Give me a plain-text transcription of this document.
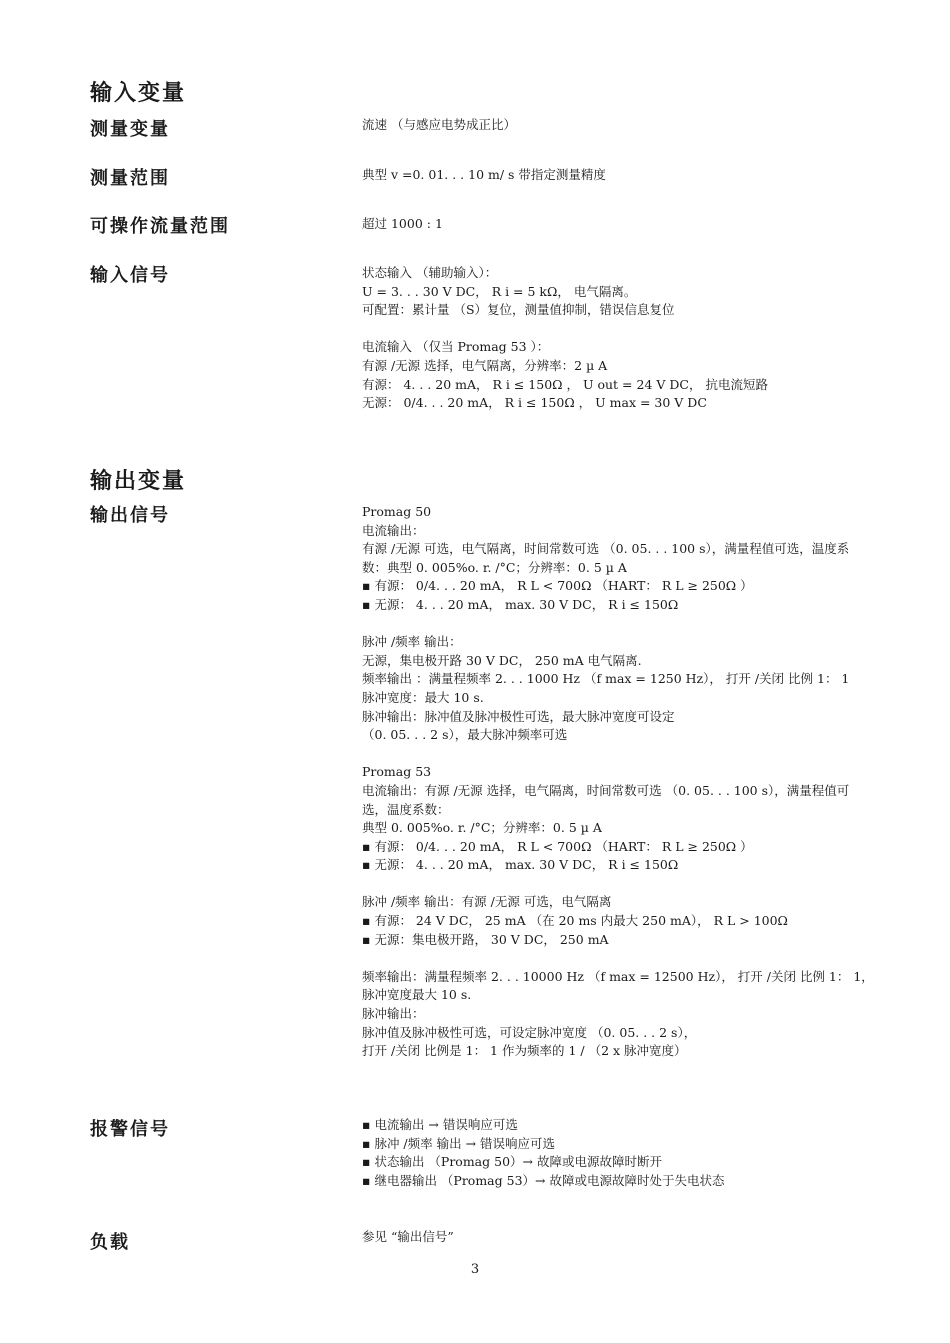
输入变量
输出变量
测量变量
测量范围
可操作流量范围
输入信号
输出信号
报警信号
负载
流速 （与感应电势成正比）
典型 v =0. 01. . . 10 m/ s 带指定测量精度
超过 1000 : 1
状态输入 （辅助输入）：
U = 3. . . 30 V DC， R i = 5 kΩ， 电气隔离。
可配置：累计量 （S）复位，测量值抑制，错误信息复位
电流输入 （仅当 Promag 53 ）：
有源 /无源 选择，电气隔离，分辨率：2 µ A
有源： 4. . . 20 mA， R i ≤ 150Ω ， U out = 24 V DC， 抗电流短路
无源： 0/4. . . 20 mA， R i ≤ 150Ω ， U max = 30 V DC
Promag 50
电流输出：
有源 /无源 可选，电气隔离，时间常数可选 （0. 05. . . 100 s），满量程值可选，温度系
数：典型 0. 005%o. r. /°C；分辨率：0. 5 µ A
▪ 有源： 0/4. . . 20 mA， R L < 700Ω （HART： R L ≥ 250Ω ）
▪ 无源： 4. . . 20 mA， max. 30 V DC， R i ≤ 150Ω
脉冲 /频率 输出：
无源，集电极开路 30 V DC， 250 mA 电气隔离.
频率输出 ：满量程频率 2. . . 1000 Hz （f max = 1250 Hz）， 打开 /关闭 比例 1： 1
脉冲宽度：最大 10 s.
脉冲输出：脉冲值及脉冲极性可选，最大脉冲宽度可设定
（0. 05. . . 2 s），最大脉冲频率可选
Promag 53
电流输出：有源 /无源 选择，电气隔离，时间常数可选 （0. 05. . . 100 s），满量程值可
选，温度系数：
典型 0. 005%o. r. /°C；分辨率：0. 5 µ A
▪ 有源： 0/4. . . 20 mA， R L < 700Ω （HART： R L ≥ 250Ω ）
▪ 无源： 4. . . 20 mA， max. 30 V DC， R i ≤ 150Ω
脉冲 /频率 输出：有源 /无源 可选，电气隔离
▪ 有源： 24 V DC， 25 mA （在 20 ms 内最大 250 mA）， R L > 100Ω
▪ 无源：集电极开路， 30 V DC， 250 mA
频率输出：满量程频率 2. . . 10000 Hz （f max = 12500 Hz）， 打开 /关闭 比例 1： 1，
脉冲宽度最大 10 s.
脉冲输出：
脉冲值及脉冲极性可选，可设定脉冲宽度 （0. 05. . . 2 s），
打开 /关闭 比例是 1： 1 作为频率的 1 / （2 x 脉冲宽度）
▪ 电流输出 → 错误响应可选
▪ 脉冲 /频率 输出 → 错误响应可选
▪ 状态输出 （Promag 50）→ 故障或电源故障时断开
▪ 继电器输出 （Promag 53）→ 故障或电源故障时处于失电状态
参见 “输出信号”
3
